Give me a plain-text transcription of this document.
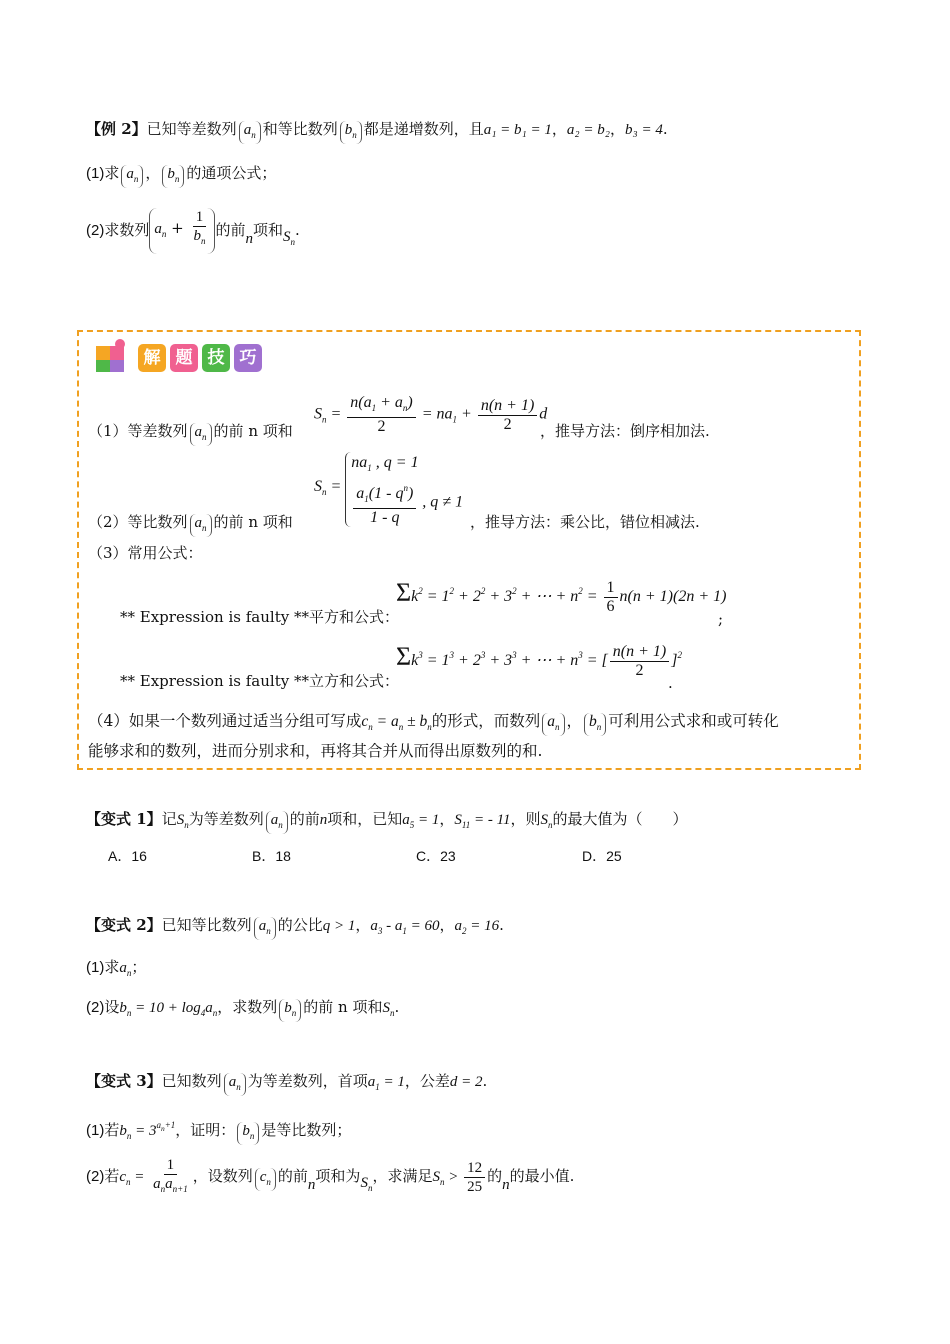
【例 2】已知等差数列 $a_n$ 和等比数列 $b_n$ 都是递增数列，且a₁ = b₁ = 1，a₂ = b₂，b₃ = 4.
(1)求 $a_n$ ， $b_n$ 的通项公式；
(2)求数列 $a_n + \frac{1}{b_n}$ 的前n项和$S_n$.
解 题 技 巧
（1）等差数列 $a_n$ 的前 n 项和
$S_n = \frac{n(a_1 + a_n)}{2} = na_1 + \frac{n(n + 1)}{2}$ d
，推导方法：倒序相加法.
（2）等比数列 $a_n$ 的前 n 项和
$S_n$ =
$na_1$ , q = 1
$\frac{a_1(1 - q^n)}{1 - q}$ , q ≠ 1
，推导方法：乘公比，错位相减法.
（3）常用公式：
** Expression is faulty **平方和公式：
$\Sigma k^2 = 1^2 + 2^2 + 3^2$ + ⋯ + $n^2 = \frac{1}{6} n(n + 1)(2n + 1)$
;
** Expression is faulty **立方和公式：
$\Sigma k^3 = 1^3 + 2^3 + 3^3$ + ⋯ + $n^3$ = [ $\frac{n(n + 1)}{2} ]^2$
.
（4）如果一个数列通过适当分组可写成$c_n = a_n \pm b_n$的形式，而数列 $a_n$ ， $b_n$ 可利用公式求和或可转化
能够求和的数列，进而分别求和，再将其合并从而得出原数列的和.
【变式 1】记$S_n$为等差数列 $a_n$ 的前n项和，已知$a_5 = 1$，$S_{11}$ = - 11，则$S_n$的最大值为（　　）
A．16	B．18	C．23	D．25
【变式 2】已知等比数列 $a_n$ 的公比q > 1，$a_3 - a_1 = 60$，$a_2 = 16$.
(1)求$a_n$；
(2)设$b_n = 10 + \log_4a_n$，求数列 $b_n$ 的前 n 项和$S_n$.
【变式 3】已知数列 $a_n$ 为等差数列，首项$a_1 = 1$，公差d = 2.
(1)若$b_n = 3^{a_n+1}$，证明： $b_n$ 是等比数列；
(2)若$c_n = \frac{1}{a_na_{n+1}}$ ，设数列 $c_n$ 的前n项和为$S_n$，求满足$S_n > \frac{12}{25}$ 的n的最小值.
